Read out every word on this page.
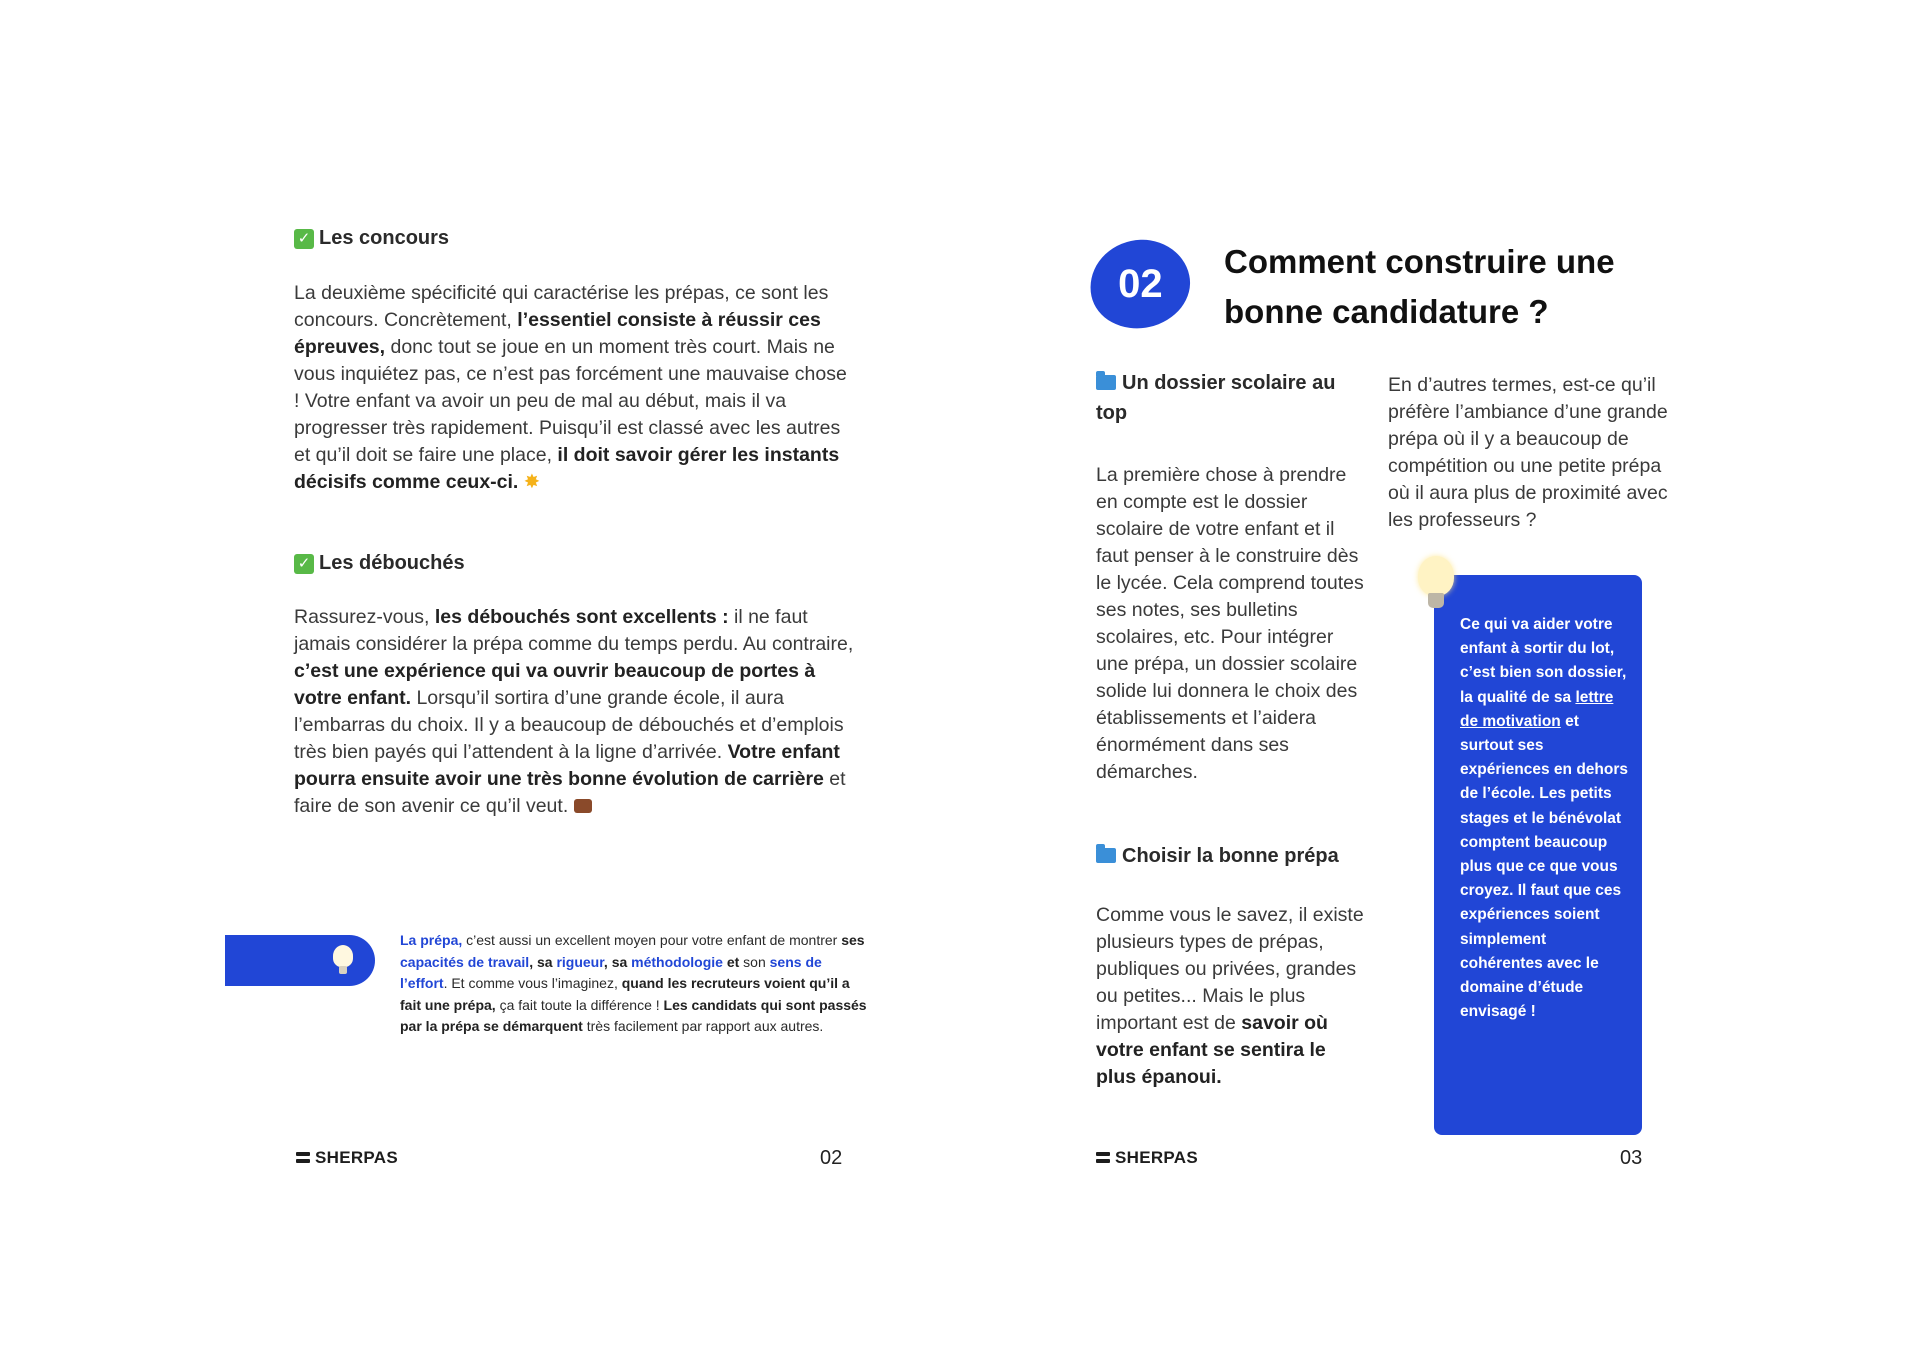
✓ Les concours
La deuxième spécificité qui caractérise les prépas, ce sont les concours. Concrètement, l’essentiel consiste à réussir ces épreuves, donc tout se joue en un moment très court. Mais ne vous inquiétez pas, ce n’est pas forcément une mauvaise chose ! Votre enfant va avoir un peu de mal au début, mais il va progresser très rapidement. Puisqu’il est classé avec les autres et qu’il doit se faire une place, il doit savoir gérer les instants décisifs comme ceux-ci. ✸
✓ Les débouchés
Rassurez-vous, les débouchés sont excellents : il ne faut jamais considérer la prépa comme du temps perdu. Au contraire, c’est une expérience qui va ouvrir beaucoup de portes à votre enfant. Lorsqu’il sortira d’une grande école, il aura l’embarras du choix. Il y a beaucoup de débouchés et d’emplois très bien payés qui l’attendent à la ligne d’arrivée. Votre enfant pourra ensuite avoir une très bonne évolution de carrière et faire de son avenir ce qu’il veut.
La prépa, c’est aussi un excellent moyen pour votre enfant de montrer ses capacités de travail, sa rigueur, sa méthodologie et son sens de l’effort. Et comme vous l’imaginez, quand les recruteurs voient qu’il a fait une prépa, ça fait toute la différence ! Les candidats qui sont passés par la prépa se démarquent très facilement par rapport aux autres.
SHERPAS	02
02 Comment construire une bonne candidature ?
Un dossier scolaire au top
La première chose à prendre en compte est le dossier scolaire de votre enfant et il faut penser à le construire dès le lycée. Cela comprend toutes ses notes, ses bulletins scolaires, etc. Pour intégrer une prépa, un dossier scolaire solide lui donnera le choix des établissements et l’aidera énormément dans ses démarches.
Choisir la bonne prépa
Comme vous le savez, il existe plusieurs types de prépas, publiques ou privées, grandes ou petites... Mais le plus important est de savoir où votre enfant se sentira le plus épanoui.
En d’autres termes, est-ce qu’il préfère l’ambiance d’une grande prépa où il y a beaucoup de compétition ou une petite prépa où il aura plus de proximité avec les professeurs ?
Ce qui va aider votre enfant à sortir du lot, c’est bien son dossier, la qualité de sa lettre de motivation et surtout ses expériences en dehors de l’école. Les petits stages et le bénévolat comptent beaucoup plus que ce que vous croyez. Il faut que ces expériences soient simplement cohérentes avec le domaine d’étude envisagé !
SHERPAS	03
